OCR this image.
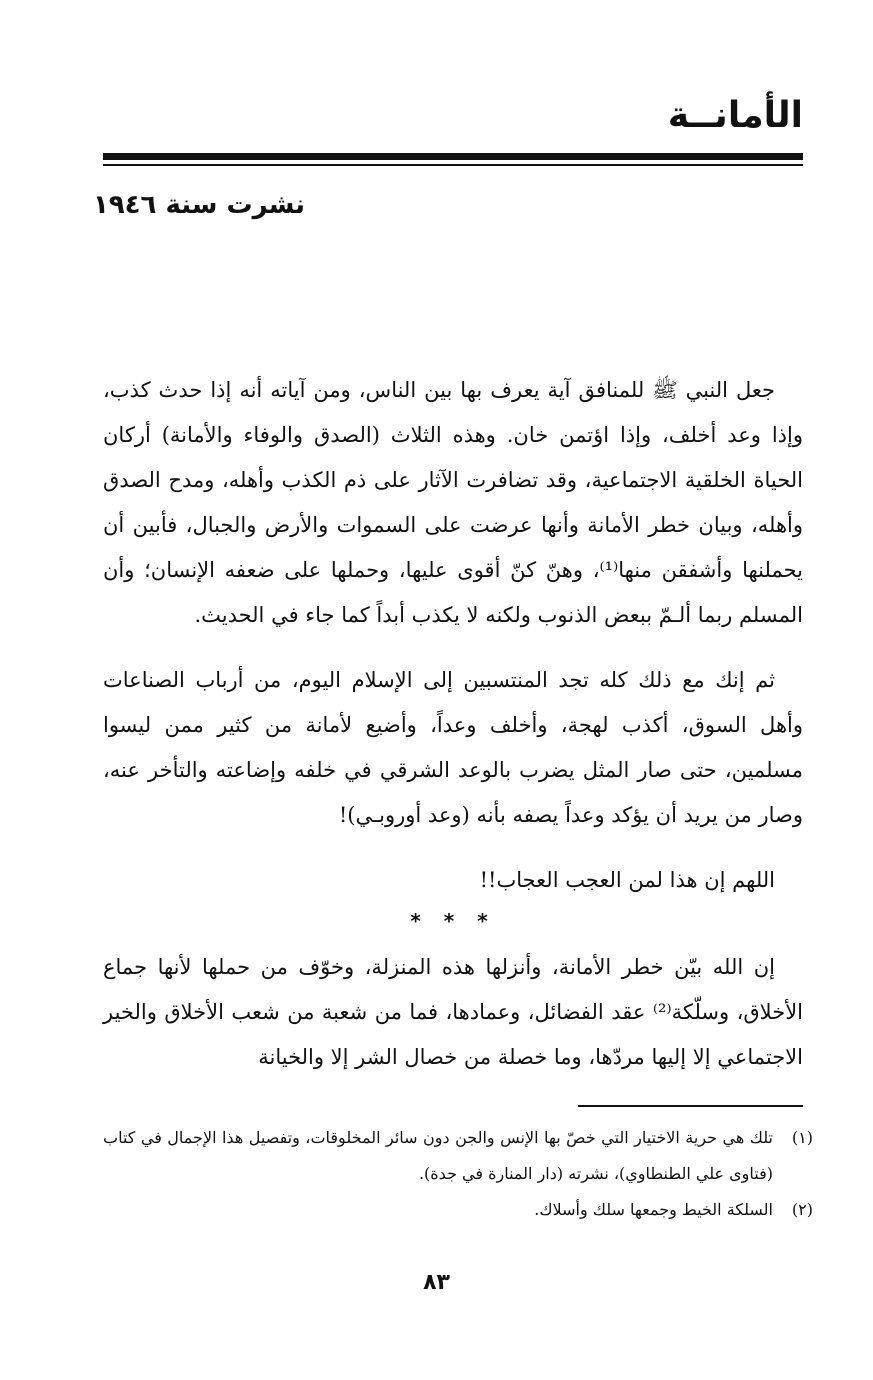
الأمانــة
نشرت سنة ١٩٤٦

جعل النبي ﷺ للمنافق آية يعرف بها بين الناس، ومن آياته أنه إذا حدث كذب، وإذا وعد أخلف، وإذا اؤتمن خان. وهذه الثلاث (الصدق والوفاء والأمانة) أركان الحياة الخلقية الاجتماعية، وقد تضافرت الآثار على ذم الكذب وأهله، ومدح الصدق وأهله، وبيان خطر الأمانة وأنها عرضت على السموات والأرض والجبال، فأبين أن يحملنها وأشفقن منها⁽¹⁾، وهنّ كنّ أقوى عليها، وحملها على ضعفه الإنسان؛ وأن المسلم ربما ألـمّ ببعض الذنوب ولكنه لا يكذب أبداً كما جاء في الحديث.

ثم إنك مع ذلك كله تجد المنتسبين إلى الإسلام اليوم، من أرباب الصناعات وأهل السوق، أكذب لهجة، وأخلف وعداً، وأضيع لأمانة من كثير ممن ليسوا مسلمين، حتى صار المثل يضرب بالوعد الشرقي في خلفه وإضاعته والتأخر عنه، وصار من يريد أن يؤكد وعداً يصفه بأنه (وعد أوروبـي)!

اللهم إن هذا لمن العجب العجاب!!

* * *

إن الله بيّن خطر الأمانة، وأنزلها هذه المنزلة، وخوّف من حملها لأنها جماع الأخلاق، وسلّكة⁽²⁾ عقد الفضائل، وعمادها، فما من شعبة من شعب الأخلاق والخير الاجتماعي إلا إليها مردّها، وما خصلة من خصال الشر إلا والخيانة

(١)
تلك هي حرية الاختيار التي خصّ بها الإنس والجن دون سائر المخلوقات، وتفصيل هذا الإجمال في كتاب (فتاوى علي الطنطاوي)، نشرته (دار المنارة في جدة).

(٢)
السلكة الخيط وجمعها سلك وأسلاك.

٨٣
